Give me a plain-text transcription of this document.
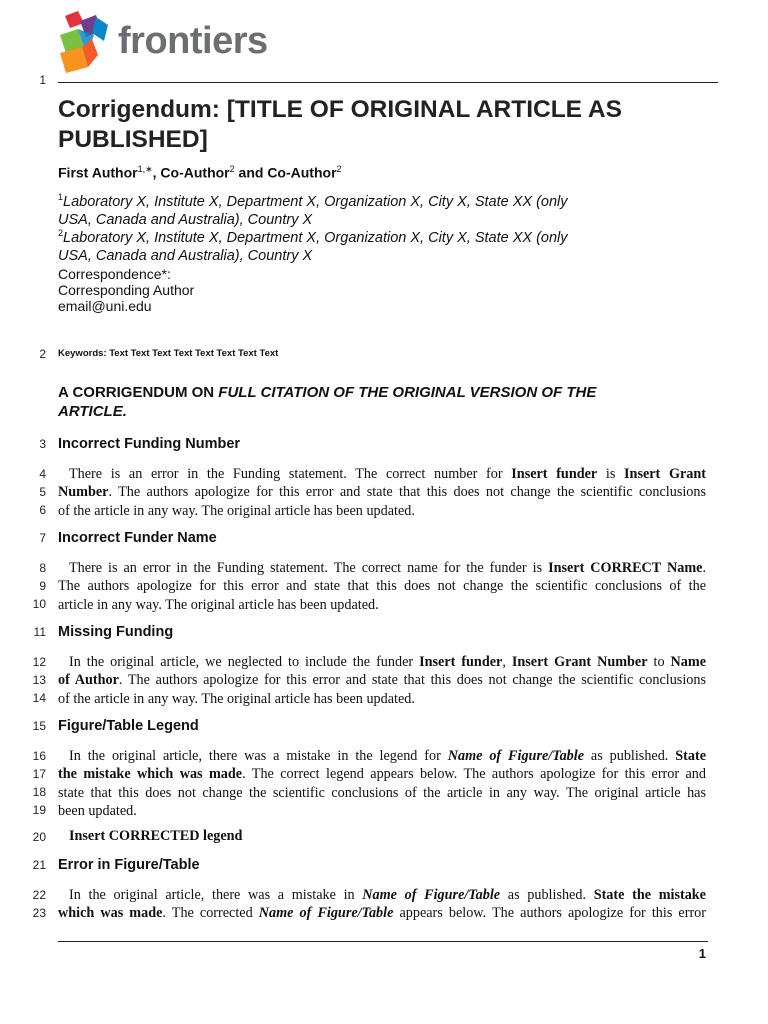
frontiers
1
2
3
4
5
6
7
8
9
10
11
12
13
14
15
16
17
18
19
20
21
22
23
Corrigendum: [TITLE OF ORIGINAL ARTICLE AS PUBLISHED]
First Author$^{1,∗}$, Co-Author$^2$ and Co-Author$^2$
$^1$Laboratory X, Institute X, Department X, Organization X, City X, State XX (only
USA, Canada and Australia), Country X
$^2$Laboratory X, Institute X, Department X, Organization X, City X, State XX (only
USA, Canada and Australia), Country X
Correspondence*:
Corresponding Author
email@uni.edu
Keywords: Text Text Text Text Text Text Text Text
A CORRIGENDUM ON FULL CITATION OF THE ORIGINAL VERSION OF THE
ARTICLE.
Incorrect Funding Number
There is an error in the Funding statement. The correct number for Insert funder is Insert Grant
Number. The authors apologize for this error and state that this does not change the scientific conclusions
of the article in any way. The original article has been updated.
Incorrect Funder Name
There is an error in the Funding statement. The correct name for the funder is Insert CORRECT Name.
The authors apologize for this error and state that this does not change the scientific conclusions of the
article in any way. The original article has been updated.
Missing Funding
In the original article, we neglected to include the funder Insert funder, Insert Grant Number to Name
of Author. The authors apologize for this error and state that this does not change the scientific conclusions
of the article in any way. The original article has been updated.
Figure/Table Legend
In the original article, there was a mistake in the legend for Name of Figure/Table as published. State
the mistake which was made. The correct legend appears below. The authors apologize for this error and
state that this does not change the scientific conclusions of the article in any way. The original article has
been updated.
Insert CORRECTED legend
Error in Figure/Table
In the original article, there was a mistake in Name of Figure/Table as published. State the mistake
which was made. The corrected Name of Figure/Table appears below. The authors apologize for this error
1
